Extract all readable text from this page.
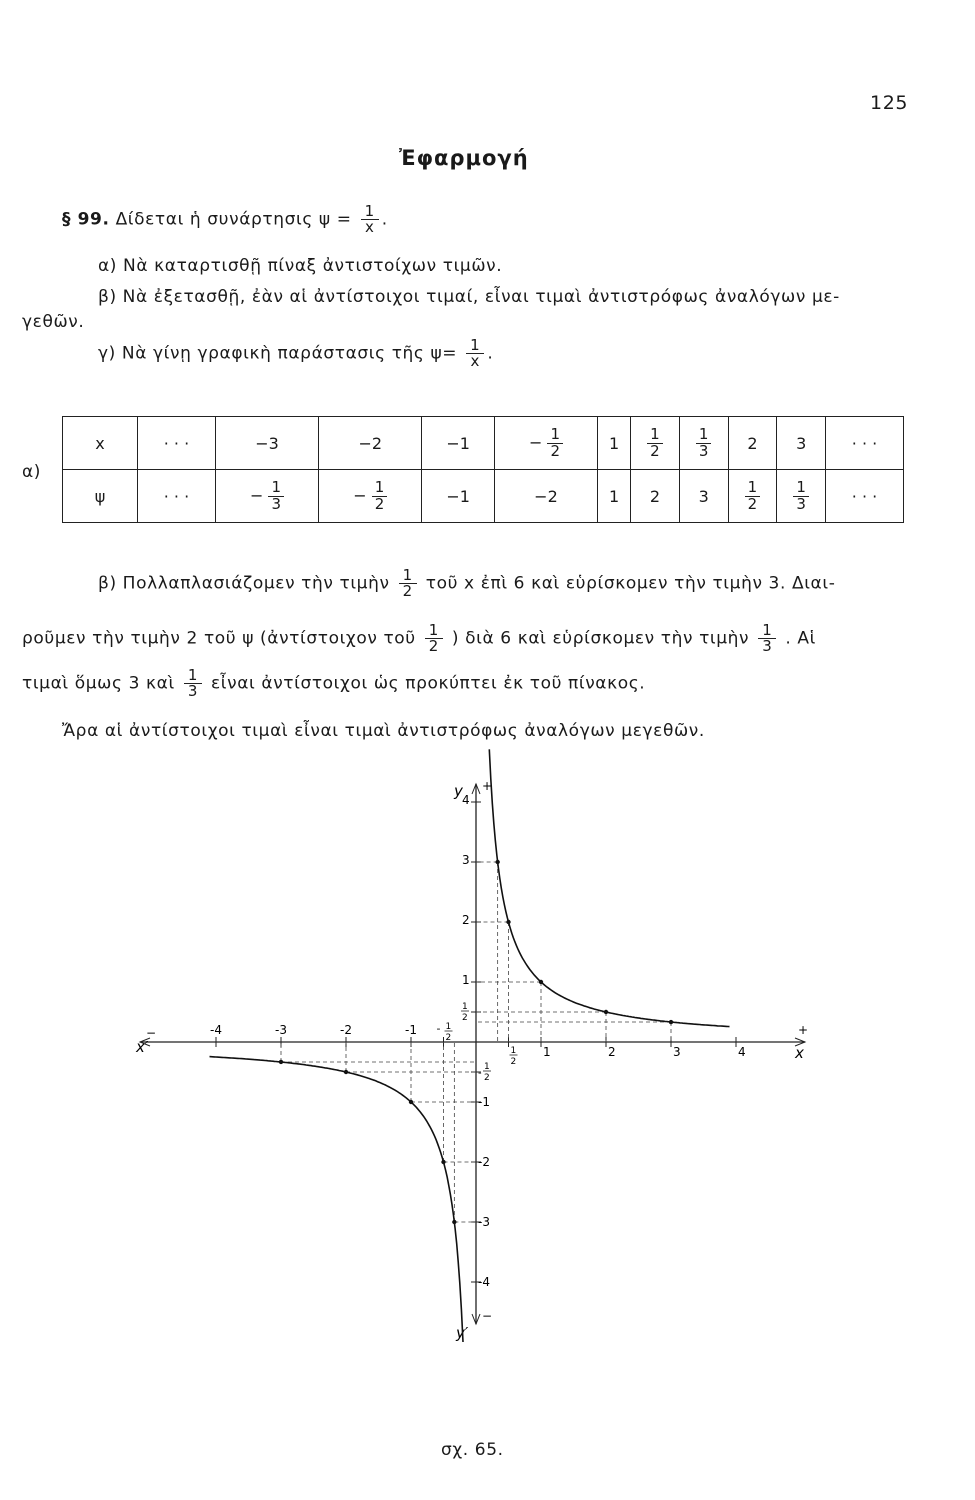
125
Ἐφαρμογή
§ 99. Δίδεται ἡ συνάρτησις $\psi = \frac{1}{x}$ .
α) Νὰ καταρτισθῇ πίναξ ἀντιστοίχων τιμῶν.
β) Νὰ ἐξετασθῇ, ἐὰν αἱ ἀντίστοιχοι τιμαί, εἶναι τιμαὶ ἀντιστρόφως ἀναλόγων με-
γεθῶν.
γ) Νὰ γίνῃ γραφικὴ παράστασις τῆς $\psi= \frac{1}{x}$ .
α)
x	· · ·	−3	−2	−1	− $\frac{1}{2}$	1	$\frac{1}{2}$	$\frac{1}{3}$	2	3	· · ·
ψ	· · ·	− $\frac{1}{3}$	− $\frac{1}{2}$	−1	−2	1	2	3	$\frac{1}{2}$	$\frac{1}{3}$	· · ·
β) Πολλαπλασιάζομεν τὴν τιμὴν $\frac{1}{2}$ τοῦ x ἐπὶ 6 καὶ εὑρίσκομεν τὴν τιμὴν 3. Διαι-
ροῦμεν τὴν τιμὴν 2 τοῦ ψ (ἀντίστοιχον τοῦ $\frac{1}{2}$ ) διὰ 6 καὶ εὑρίσκομεν τὴν τιμὴν $\frac{1}{3}$ . Αἱ
τιμαὶ ὅμως 3 καὶ $\frac{1}{3}$ εἶναι ἀντίστοιχοι ὡς προκύπτει ἐκ τοῦ πίνακος.
Ἄρα αἱ ἀντίστοιχοι τιμαὶ εἶναι τιμαὶ ἀντιστρόφως ἀναλόγων μεγεθῶν.
x
+
x′
−
y +
y′
−
1	2	3	4
-1
-2
-3
-4
1
2
- 1
2
1
2
3
4
-1
-2
-3
-4
1
2
-
1
2
σχ. 65.
